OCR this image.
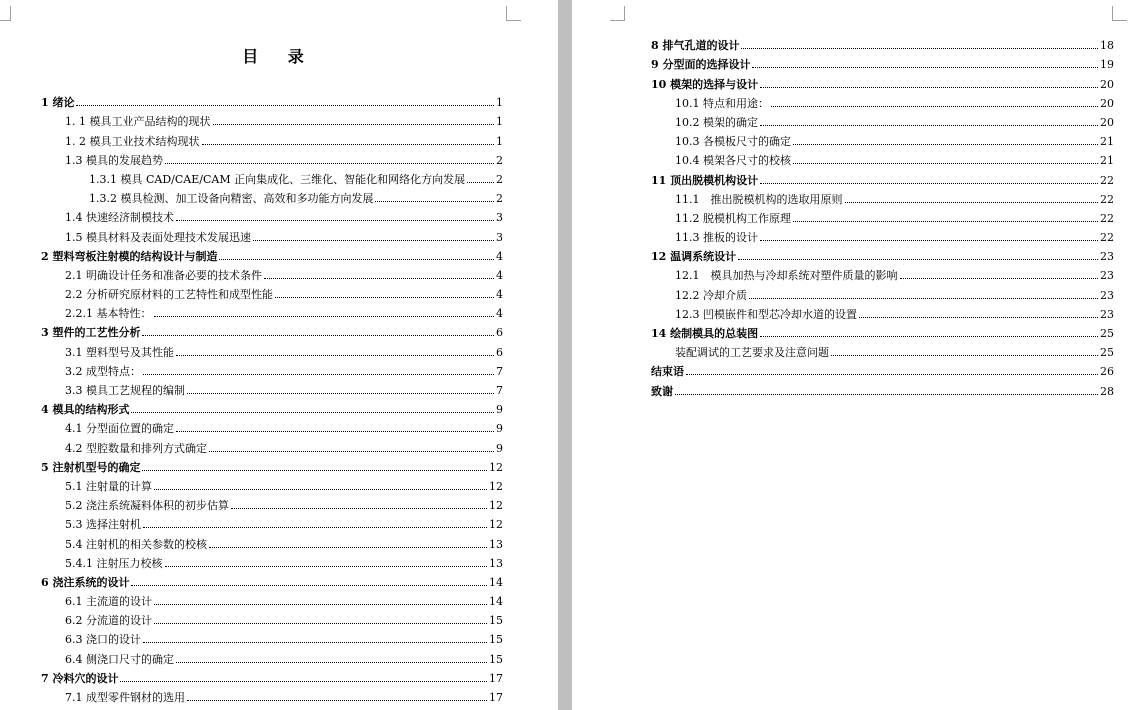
目 录
1 绪论	1
1. 1 模具工业产品结构的现状	1
1. 2 模具工业技术结构现状	1
1.3 模具的发展趋势	2
1.3.1 模具 CAD/CAE/CAM 正向集成化、三维化、智能化和网络化方向发展	2
1.3.2 模具检测、加工设备向精密、高效和多功能方向发展	2
1.4 快速经济制模技术	3
1.5 模具材料及表面处理技术发展迅速	3
2 塑料弯板注射模的结构设计与制造	4
2.1 明确设计任务和准备必要的技术条件	4
2.2 分析研究原材料的工艺特性和成型性能	4
2.2.1 基本特性：	4
3 塑件的工艺性分析	6
3.1 塑料型号及其性能	6
3.2 成型特点：	7
3.3 模具工艺规程的编制	7
4 模具的结构形式	9
4.1 分型面位置的确定	9
4.2 型腔数量和排列方式确定	9
5 注射机型号的确定	12
5.1 注射量的计算	12
5.2 浇注系统凝料体积的初步估算	12
5.3 选择注射机	12
5.4 注射机的相关参数的校核	13
5.4.1 注射压力校核	13
6 浇注系统的设计	14
6.1 主流道的设计	14
6.2 分流道的设计	15
6.3 浇口的设计	15
6.4 侧浇口尺寸的确定	15
7 冷料穴的设计	17
7.1 成型零件钢材的选用	17
8 排气孔道的设计	18
9 分型面的选择设计	19
10 模架的选择与设计	20
10.1 特点和用途：	20
10.2 模架的确定	20
10.3 各模板尺寸的确定	21
10.4 模架各尺寸的校核	21
11 顶出脱模机构设计	22
11.1　推出脱模机构的选取用原则	22
11.2 脱模机构工作原理	22
11.3 推板的设计	22
12 温调系统设计	23
12.1　模具加热与冷却系统对塑件质量的影响	23
12.2 冷却介质	23
12.3 凹模嵌件和型芯冷却水道的设置	23
14 绘制模具的总装图	25
装配调试的工艺要求及注意问题	25
结束语	26
致谢	28
